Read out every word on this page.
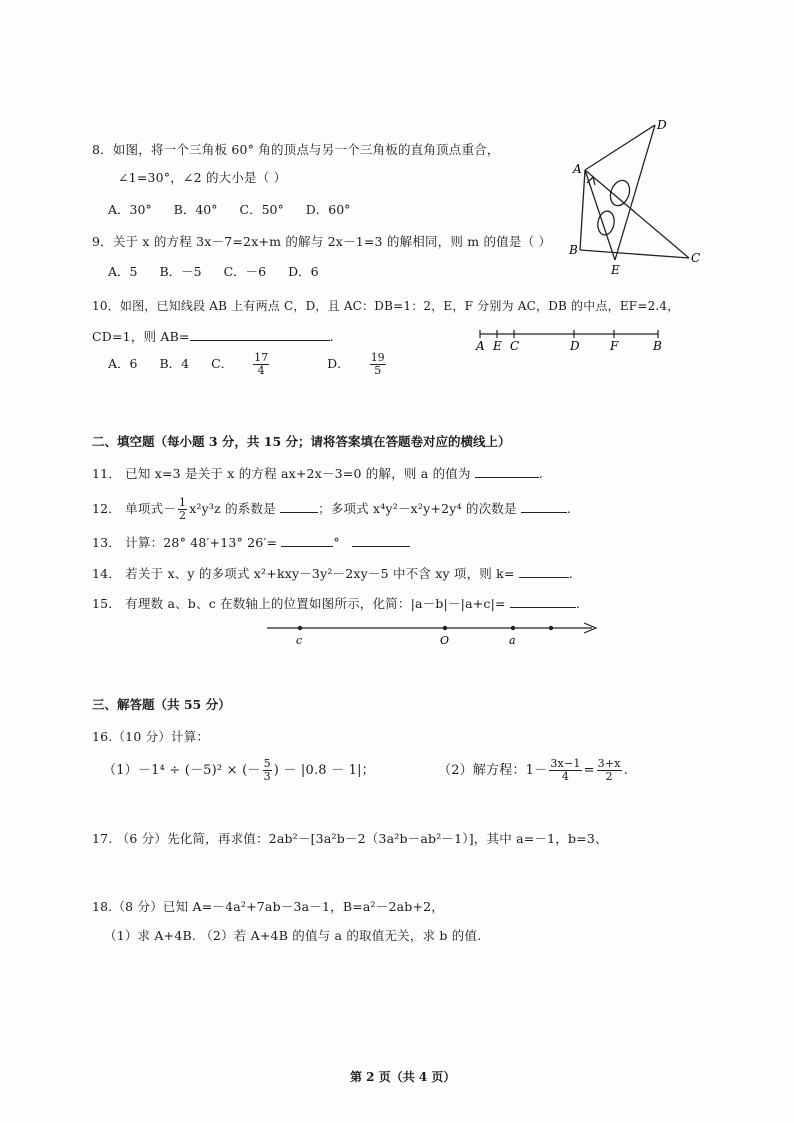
8．如图，将一个三角板 60° 角的顶点与另一个三角板的直角顶点重合，
∠1=30°，∠2 的大小是（ ）
A．30° B．40° C．50° D．60°
A
B
C
D
E
9．关于 x 的方程 3x－7=2x+m 的解与 2x－1=3 的解相同，则 m 的值是（ ）
A．5 B．－5 C．－6 D．6
10．如图，已知线段 AB 上有两点 C，D，且 AC：DB=1：2，E，F 分别为 AC，DB 的中点，EF=2.4，
CD=1，则 AB=	.
A．6 B．4 C． $\frac{17}{4}$	D． $\frac{19}{5}$
A E C	D	F	B
二、填空题（每小题 3 分，共 15 分；请将答案填在答题卷对应的横线上）
11． 已知 x=3 是关于 x 的方程 ax+2x－3=0 的解，则 a 的值为	.
12． 单项式－ $\frac{1}{2} x^2y^3z$ 的系数是	；多项式 x⁴y²－x²y+2y⁴ 的次数是	.
13． 计算：28° 48′+13° 26′=	°
14． 若关于 x、y 的多项式 x²+kxy－3y²－2xy－5 中不含 xy 项，则 k=	.
15． 有理数 a、b、c 在数轴上的位置如图所示，化简：|a－b|－|a+c|=	.
c	O	a
三、解答题（共 55 分）
16.（10 分）计算：
（1）－1⁴ ÷ (－5)² × (－ $\frac{5}{3}$ ) － |0.8 － 1|；	（2）解方程：$1- \frac{3x-1}{4} = \frac{3+x}{2}$ .
17. （6 分）先化简，再求值：2ab²－[3a²b－2（3a²b－ab²－1）]，其中 a=－1，b=3、
18.（8 分）已知 A=－4a²+7ab－3a－1，B=a²－2ab+2，
（1）求 A+4B. （2）若 A+4B 的值与 a 的取值无关，求 b 的值.
第 2 页（共 4 页）
